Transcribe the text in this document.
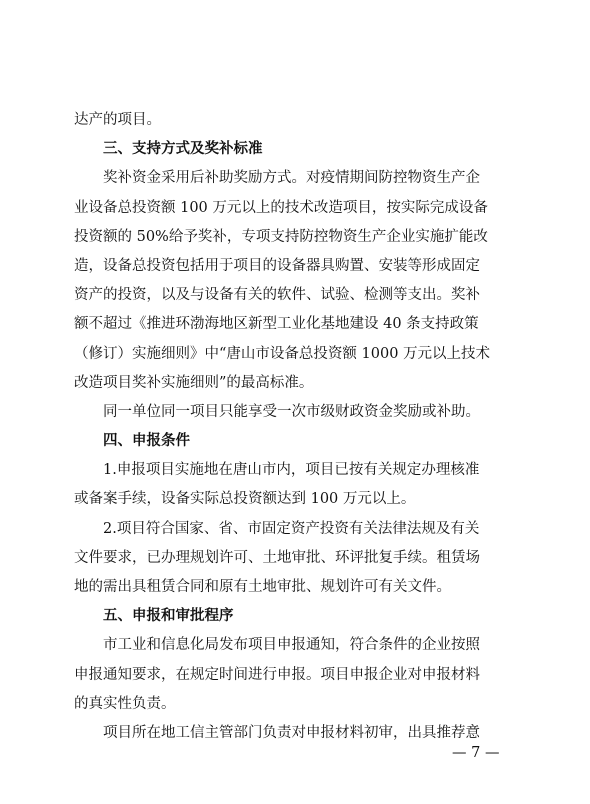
达产的项目。
三、支持方式及奖补标准
奖补资金采用后补助奖励方式。对疫情期间防控物资生产企
业设备总投资额 100 万元以上的技术改造项目，按实际完成设备
投资额的 50%给予奖补，专项支持防控物资生产企业实施扩能改
造，设备总投资包括用于项目的设备器具购置、安装等形成固定
资产的投资，以及与设备有关的软件、试验、检测等支出。奖补
额不超过《推进环渤海地区新型工业化基地建设 40 条支持政策
（修订）实施细则》中“唐山市设备总投资额 1000 万元以上技术
改造项目奖补实施细则”的最高标准。
同一单位同一项目只能享受一次市级财政资金奖励或补助。
四、申报条件
1.申报项目实施地在唐山市内，项目已按有关规定办理核准
或备案手续，设备实际总投资额达到 100 万元以上。
2.项目符合国家、省、市固定资产投资有关法律法规及有关
文件要求，已办理规划许可、土地审批、环评批复手续。租赁场
地的需出具租赁合同和原有土地审批、规划许可有关文件。
五、申报和审批程序
市工业和信息化局发布项目申报通知，符合条件的企业按照
申报通知要求，在规定时间进行申报。项目申报企业对申报材料
的真实性负责。
项目所在地工信主管部门负责对申报材料初审，出具推荐意
— 7 —
